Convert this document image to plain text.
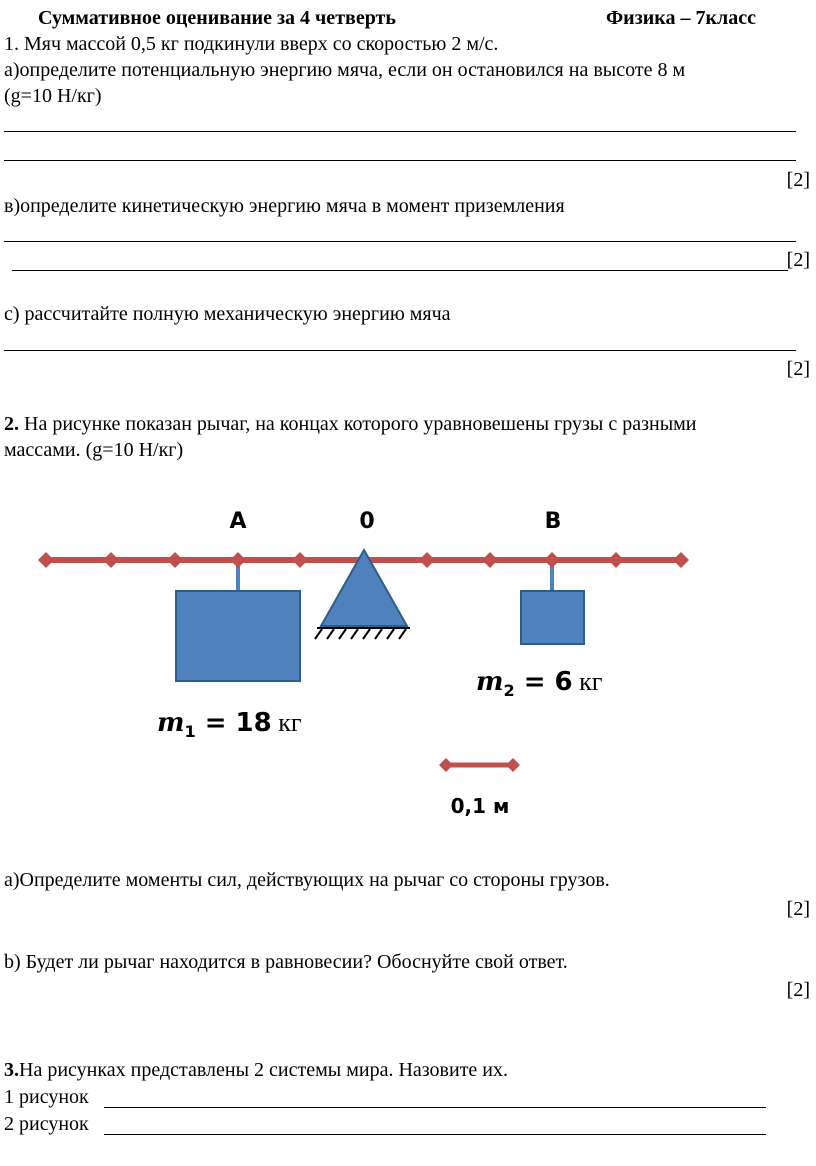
Суммативное оценивание за 4 четверть	Физика – 7класс
1. Мяч массой 0,5 кг подкинули вверх со скоростью 2 м/с.
а)определите потенциальную энергию мяча, если он остановился на высоте 8 м
(g=10 Н/кг)
[2]
в)определите кинетическую энергию мяча в момент приземления
[2]
с) рассчитайте полную механическую энергию мяча
[2]
2. На рисунке показан рычаг, на концах которого уравновешены грузы с разными
массами. (g=10 Н/кг)
A	0	B
$m_2 = 6$ кг
$m_1 = 18$ кг
0,1 м
а)Определите моменты сил, действующих на рычаг со стороны грузов.
[2]
b) Будет ли рычаг находится в равновесии? Обоснуйте свой ответ.
[2]
3.На рисунках представлены 2 системы мира. Назовите их.
1 рисунок
2 рисунок
